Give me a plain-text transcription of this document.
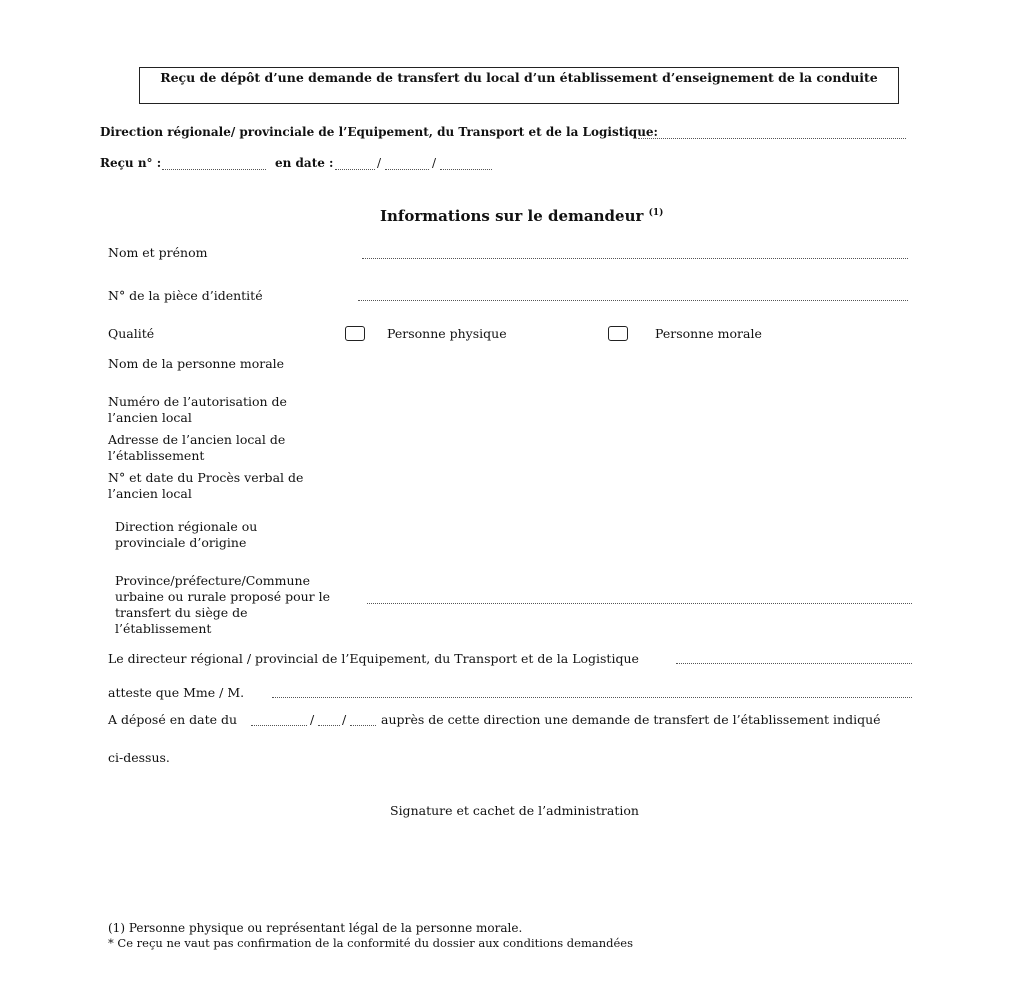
Reçu de dépôt d’une demande de transfert du local d’un établissement d’enseignement de la conduite
Direction régionale/ provinciale de l’Equipement, du Transport et de la Logistique:
Reçu n° :	en date :	/	/
Informations sur le demandeur $^{(1)}$
Nom et prénom
N° de la pièce d’identité
Qualité	Personne physique	Personne morale
Nom de la personne morale
Numéro de l’autorisation de l’ancien local
Adresse de l’ancien local de l’établissement
N° et date du Procès verbal de l’ancien local
Direction régionale ou provinciale d’origine
Province/préfecture/Commune urbaine ou rurale proposé pour le transfert du siège de l’établissement
Le directeur régional / provincial de l’Equipement, du Transport et de la Logistique
atteste que Mme / M.
A déposé en date du	/ /	auprès de cette direction une demande de transfert de l’établissement indiqué
ci-dessus.
Signature et cachet de l’administration
(1) Personne physique ou représentant légal de la personne morale.
* Ce reçu ne vaut pas confirmation de la conformité du dossier aux conditions demandées
